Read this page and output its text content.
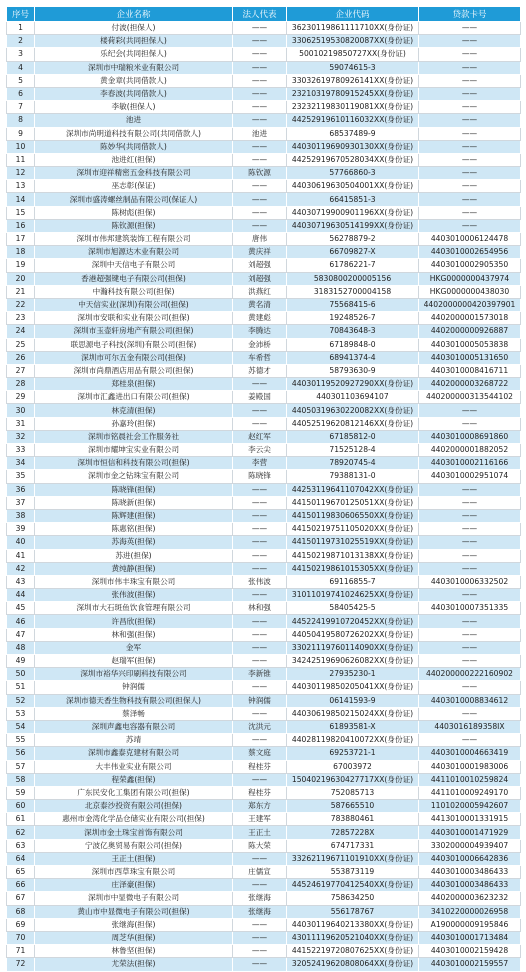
序号	企业名称	法人代表	企业代码	贷款卡号
1	付波(担保人)	——	36230119861111710XX(身份证)	——
2	楼荷彩(共同担保人)	——	33062519530820087XX(身份证)	——
3	乐纪会(共同担保人)	——	50010219850727XX(身份证)	——
4	深圳市中瑞粮米业有限公司	——	59074615-3	——
5	黄金章(共同借款人)	——	33032619780926141XX(身份证)	——
6	李春波(共同借款人)	——	23210319780915245XX(身份证)	——
7	李敏(担保人)	——	23232119830119081XX(身份证)	——
8	池进	——	44252919610116032XX(身份证)	——
9	深圳市尚明道科技有限公司(共同借款人)	池进	68537489-9	——
10	陈妙华(共同借款人)	——	44030119690930130XX(身份证)	——
11	池进红(担保)	——	44252919670528034XX(身份证)	——
12	深圳市迎祥精密五金科技有限公司	陈钦源	57766860-3	——
13	巫志彰(保证)	——	44030619630504001XX(身份证)	——
14	深圳市盛涛螺丝制品有限公司(保证人)	——	66415851-3	——
15	陈树彪(担保)	——	44030719900901196XX(身份证)	——
16	陈钦源(担保)	——	44030719630514199XX(身份证)	——
17	深圳市伟邦建筑装饰工程有限公司	唐伟	56278879-2	4403010006124478
18	深圳市旭源达木业有限公司	黄庆祥	66709827-X	4403010002654956
19	深圳中天信电子有限公司	刘超强	61786221-7	4403010002905350
20	香港超强键电子有限公司(担保)	刘超强	5830800200005156	HKG0000000437974
21	中瀚科技有限公司(担保)	洪燕红	3183152700004158	HKG0000000438030
22	中天信实业(深圳)有限公司(担保)	黄名清	75568415-6	4402000000420397901
23	深圳市安联和实业有限公司(担保)	黄建彪	19248526-7	4402000001573018
24	深圳市玉壶轩房地产有限公司(担保)	李腾达	70843648-3	4402000000926887
25	联思源电子科技(深圳)有限公司(担保)	金沛桥	67189848-0	4403010005053838
26	深圳市可尔五金有限公司(担保)	车希哲	68941374-4	4403010005131650
27	深圳市尚鼎酒店用品有限公司(担保)	苏德才	58793630-9	4403010008416711
28	郑桂泉(担保)	——	44030119520927290XX(身份证)	4402000003268722
29	深圳市汇鑫进出口有限公司(担保)	姜殿国	440301103694107	440200000313544102
30	林克清(担保)	——	44050319630220082XX(身份证)	——
31	孙嘉玲(担保)	——	44052519620812146XX(身份证)	——
32	深圳市铭晨社会工作服务社	赵红军	67185812-0	4403010008691860
33	深圳市耀坤宝实业有限公司	李云尖	71525128-4	4402000001882052
34	深圳市恒信和科技有限公司(担保)	李营	78920745-4	4403010002116166
35	深圳市金之钻珠宝有限公司	陈晓锋	79388131-0	4403010002951074
36	陈晓锋(担保)	——	44253119641107042XX(身份证)	——
37	陈晓新(担保)	——	44150119670125051XX(身份证)	——
38	陈辉建(担保)	——	44150119830606550XX(身份证)	——
39	陈惠铭(担保)	——	44150219751105020XX(身份证)	——
40	苏海英(担保)	——	44150119731025519XX(身份证)	——
41	苏进(担保)	——	44150219871013138XX(身份证)	——
42	黄纯静(担保)	——	44150219861015305XX(身份证)	——
43	深圳市伟丰珠宝有限公司	张伟波	69116855-7	4403010006332502
44	张伟波(担保)	——	31011019741024625XX(身份证)	——
45	深圳市大石斑鱼饮食管理有限公司	林和强	58405425-5	4403010007351335
46	许昌欣(担保)	——	44522419910720452XX(身份证)	——
47	林和强(担保)	——	44050419580726202XX(身份证)	——
48	金军	——	33021119760114090XX(身份证)	——
49	赵瑞军(担保)	——	34242519690626082XX(身份证)	——
50	深圳市裕华兴印刷科技有限公司	李新锥	27935230-1	440200000222160902
51	钟润儒	——	44030119850205041XX(身份证)	——
52	深圳市德天香生物科技有限公司(担保人)	钟润儒	06141593-9	4403010008834612
53	蔡泽畅	——	44030619850215024XX(身份证)	——
54	深圳声鑫电容器有限公司	沈洪元	61893581-X	4403016189358IX
55	苏靖	——	44028119820410072XX(身份证)	——
56	深圳市鑫泰克建材有限公司	蔡文庭	69253721-1	4403010004663419
57	大丰伟业实业有限公司	程桂芬	67003972	4403010001983006
58	程荣鑫(担保)	——	15040219630427717XX(身份证)	4411010010259824
59	广东民安化工集团有限公司(担保)	程桂芬	752085713	4411010009249170
60	北京泰沙投资有限公司(担保)	郑东方	587665510	1101020005942607
61	惠州市金湾化学品仓储实业有限公司(担保)	王建军	783880461	4413010001331915
62	深圳市金土珠宝首饰有限公司	王正土	72857228X	4403010001471929
63	宁波亿奥贸易有限公司(担保)	陈大荣	674717331	3302000004939407
64	王正土(担保)	——	33262119671101910XX(身份证)	4403010006642836
65	深圳市西草珠宝有限公司	庄儒宣	553873119	4403010003486433
66	庄泽豪(担保)	——	44524619770412540XX(身份证)	4403010003486433
67	深圳市中显微电子有限公司	张继海	758634250	4402000003623232
68	黄山市中显微电子有限公司(担保)	张继海	556178767	3410220000026958
69	张继海(担保)	——	44030119640213380XX(身份证)	A190000009195846
70	周芝华(担保)	——	43011119620521040XX(身份证)	4403010001713484
71	林鲁坚(担保)	——	44152219720807625XX(身份证)	4403010002159428
72	尤荣法(担保)	——	32052419620808064XX(身份证)	4403010002159557
